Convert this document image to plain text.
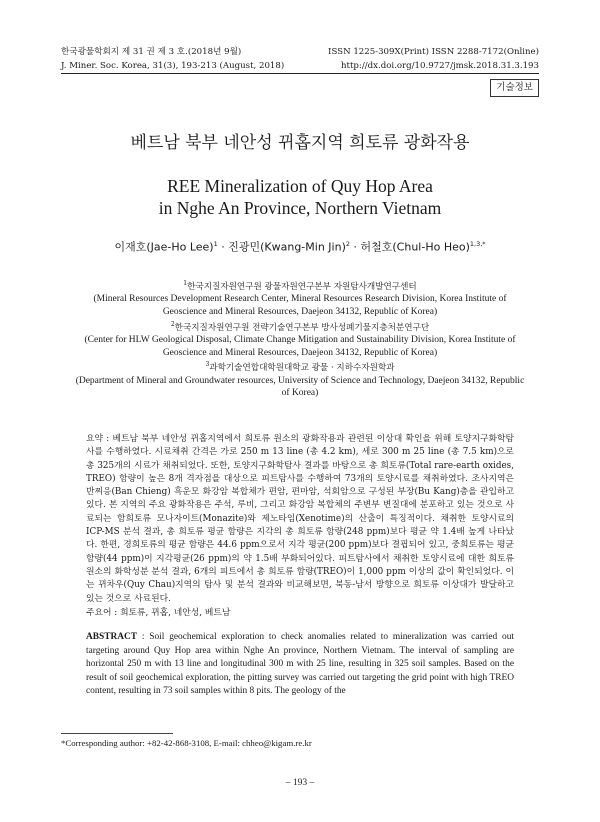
한국광물학회지 제 31 권 제 3 호.(2018년 9월)
J. Miner. Soc. Korea, 31(3), 193-213 (August, 2018)
ISSN 1225-309X(Print) ISSN 2288-7172(Online)
http://dx.doi.org/10.9727/jmsk.2018.31.3.193
기술정보
베트남 북부 네안성 뀌홉지역 희토류 광화작용
REE Mineralization of Quy Hop Area
in Nghe An Province, Northern Vietnam
이재호(Jae-Ho Lee)$^1$ · 진광민(Kwang-Min Jin)$^2$ · 허철호(Chul-Ho Heo)$^{1,3,*}$

$^1$한국지질자원연구원 광물자원연구본부 자원탐사개발연구센터

(Mineral Resources Development Research Center, Mineral Resources Research Division, Korea Institute of Geoscience and Mineral Resources, Daejeon 34132, Republic of Korea)

$^2$한국지질자원연구원 전략기술연구본부 방사성폐기물지층처분연구단

(Center for HLW Geological Disposal, Climate Change Mitigation and Sustainability Division, Korea Institute of Geoscience and Mineral Resources, Daejeon 34132, Republic of Korea)

$^3$과학기술연합대학원대학교 광물 · 지하수자원학과

(Department of Mineral and Groundwater resources, University of Science and Technology, Daejeon 34132, Republic of Korea)

요약 : 베트남 북부 네안성 뀌홉지역에서 희토류 원소의 광화작용과 관련된 이상대 확인을 위해 토양지구화학탐사를 수행하였다. 시료채취 간격은 가로 250 m 13 line (총 4.2 km), 세로 300 m 25 line (총 7.5 km)으로 총 325개의 시료가 채취되었다. 또한, 토양지구화학탐사 결과를 바탕으로 총 희토류(Total rare-earth oxides, TREO) 함량이 높은 8개 격자점을 대상으로 피트탐사를 수행하여 73개의 토양시료를 채취하였다. 조사지역은 반찌응(Ban Chieng) 흑운모 화강암 복합체가 편암, 편마암, 석회암으로 구성된 부장(Bu Kang)층을 관입하고 있다. 본 지역의 주요 광화작용은 주석, 루비, 그리고 화강암 복합체의 주변부 변질대에 분포하고 있는 것으로 사료되는 함희토류 모나자이트(Monazite)와 제노타임(Xenotime)의 산출이 특징적이다. 채취한 토양시료의 ICP-MS 분석 결과, 총 희토류 평균 함량은 지각의 총 희토류 함량(248 ppm)보다 평균 약 1.4배 높게 나타났다. 한편, 경희토류의 평균 함량은 44.6 ppm으로서 지각 평균(200 ppm)보다 결핍되어 있고, 중희토류는 평균 함량(44 ppm)이 지각평균(26 ppm)의 약 1.5배 부화되어있다. 피트탐사에서 채취한 토양시료에 대한 희토류원소의 화학성분 분석 결과, 6개의 피트에서 총 희토류 함량(TREO)이 1,000 ppm 이상의 값이 확인되었다. 이는 뀌차우(Quy Chau)지역의 탐사 및 분석 결과와 비교해보면, 북동-남서 방향으로 희토류 이상대가 발달하고 있는 것으로 사료된다.

주요어 : 희토류, 뀌홉, 네안성, 베트남

ABSTRACT : Soil geochemical exploration to check anomalies related to mineralization was carried out targeting around Quy Hop area within Nghe An province, Northern Vietnam. The interval of sampling are horizontal 250 m with 13 line and longitudinal 300 m with 25 line, resulting in 325 soil samples. Based on the result of soil geochemical exploration, the pitting survey was carried out targeting the grid point with high TREO content, resulting in 73 soil samples within 8 pits. The geology of the

*Corresponding author: +82-42-868-3108, E-mail: chheo@kigam.re.kr
– 193 –
